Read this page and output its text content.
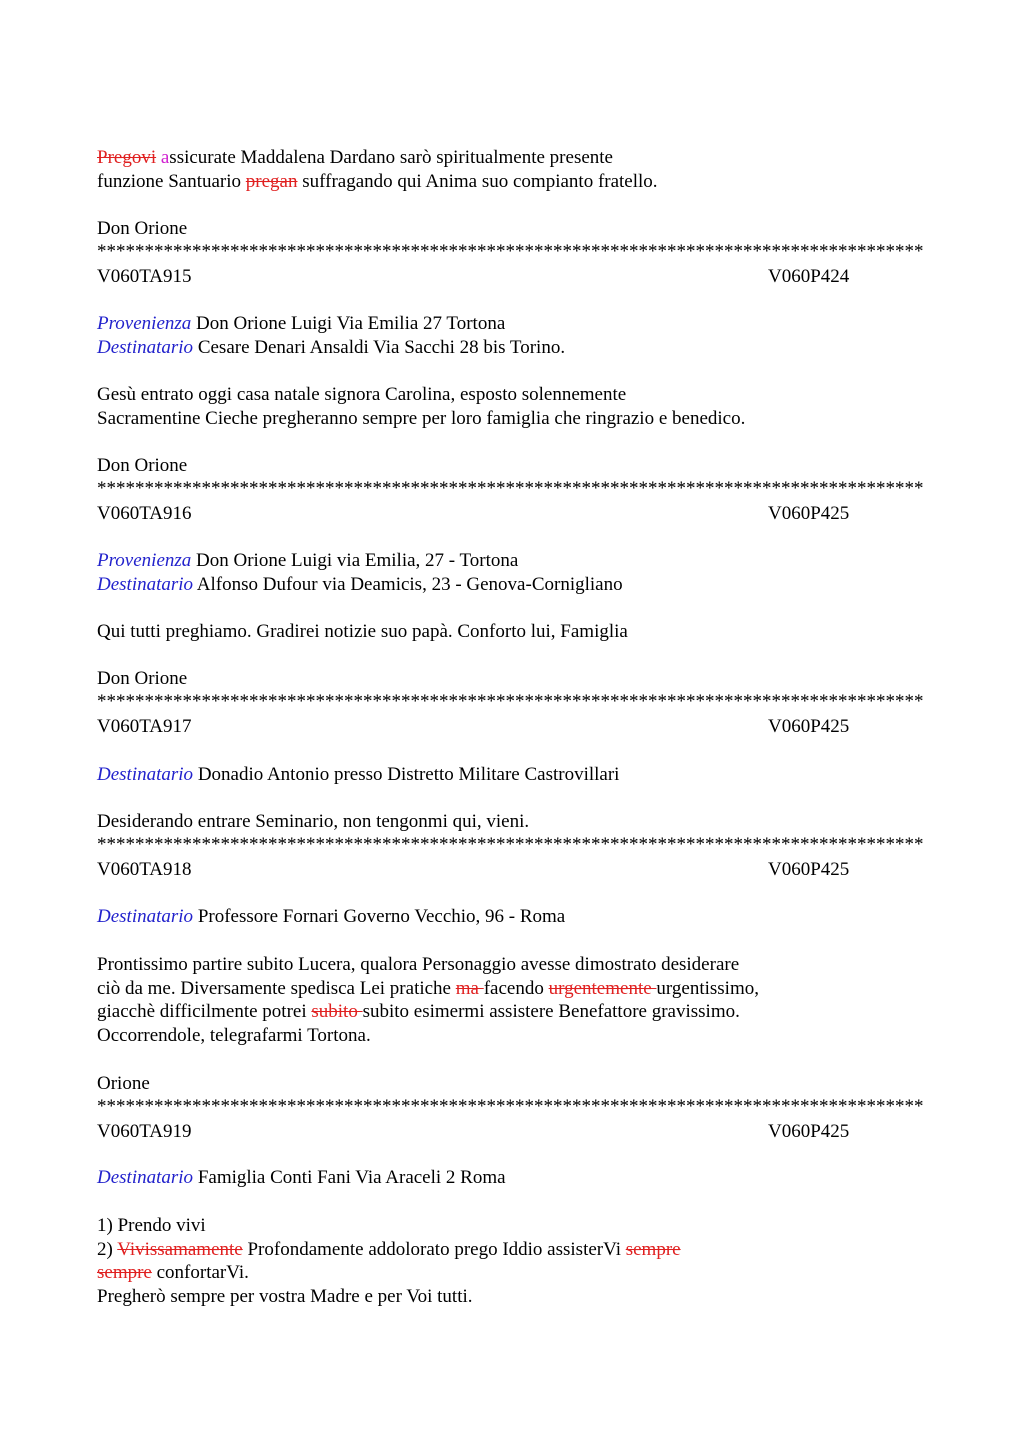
Pregovi assicurate Maddalena Dardano sarò spiritualmente presente
funzione Santuario pregan suffragando qui Anima suo compianto fratello.
Don Orione
***************************************************************************************
V060TA915	V060P424
Provenienza Don Orione Luigi Via Emilia 27 Tortona
Destinatario Cesare Denari Ansaldi Via Sacchi 28 bis Torino.
Gesù entrato oggi casa natale signora Carolina, esposto solennemente
Sacramentine Cieche pregheranno sempre per loro famiglia che ringrazio e benedico.
Don Orione
***************************************************************************************
V060TA916	V060P425
Provenienza Don Orione Luigi via Emilia, 27 - Tortona
Destinatario Alfonso Dufour via Deamicis, 23 - Genova-Cornigliano
Qui tutti preghiamo. Gradirei notizie suo papà. Conforto lui, Famiglia
Don Orione
***************************************************************************************
V060TA917	V060P425
Destinatario Donadio Antonio presso Distretto Militare Castrovillari
Desiderando entrare Seminario, non tengonmi qui, vieni.
***************************************************************************************
V060TA918	V060P425
Destinatario Professore Fornari Governo Vecchio, 96 - Roma
Prontissimo partire subito Lucera, qualora Personaggio avesse dimostrato desiderare
ciò da me. Diversamente spedisca Lei pratiche ma facendo urgentemente urgentissimo,
giacchè difficilmente potrei subito subito esimermi assistere Benefattore gravissimo.
Occorrendole, telegrafarmi Tortona.
Orione
***************************************************************************************
V060TA919	V060P425
Destinatario Famiglia Conti Fani Via Araceli 2 Roma
1) Prendo vivi
2) Vivissamamente Profondamente addolorato prego Iddio assisterVi sempre
sempre confortarVi.
Pregherò sempre per vostra Madre e per Voi tutti.
